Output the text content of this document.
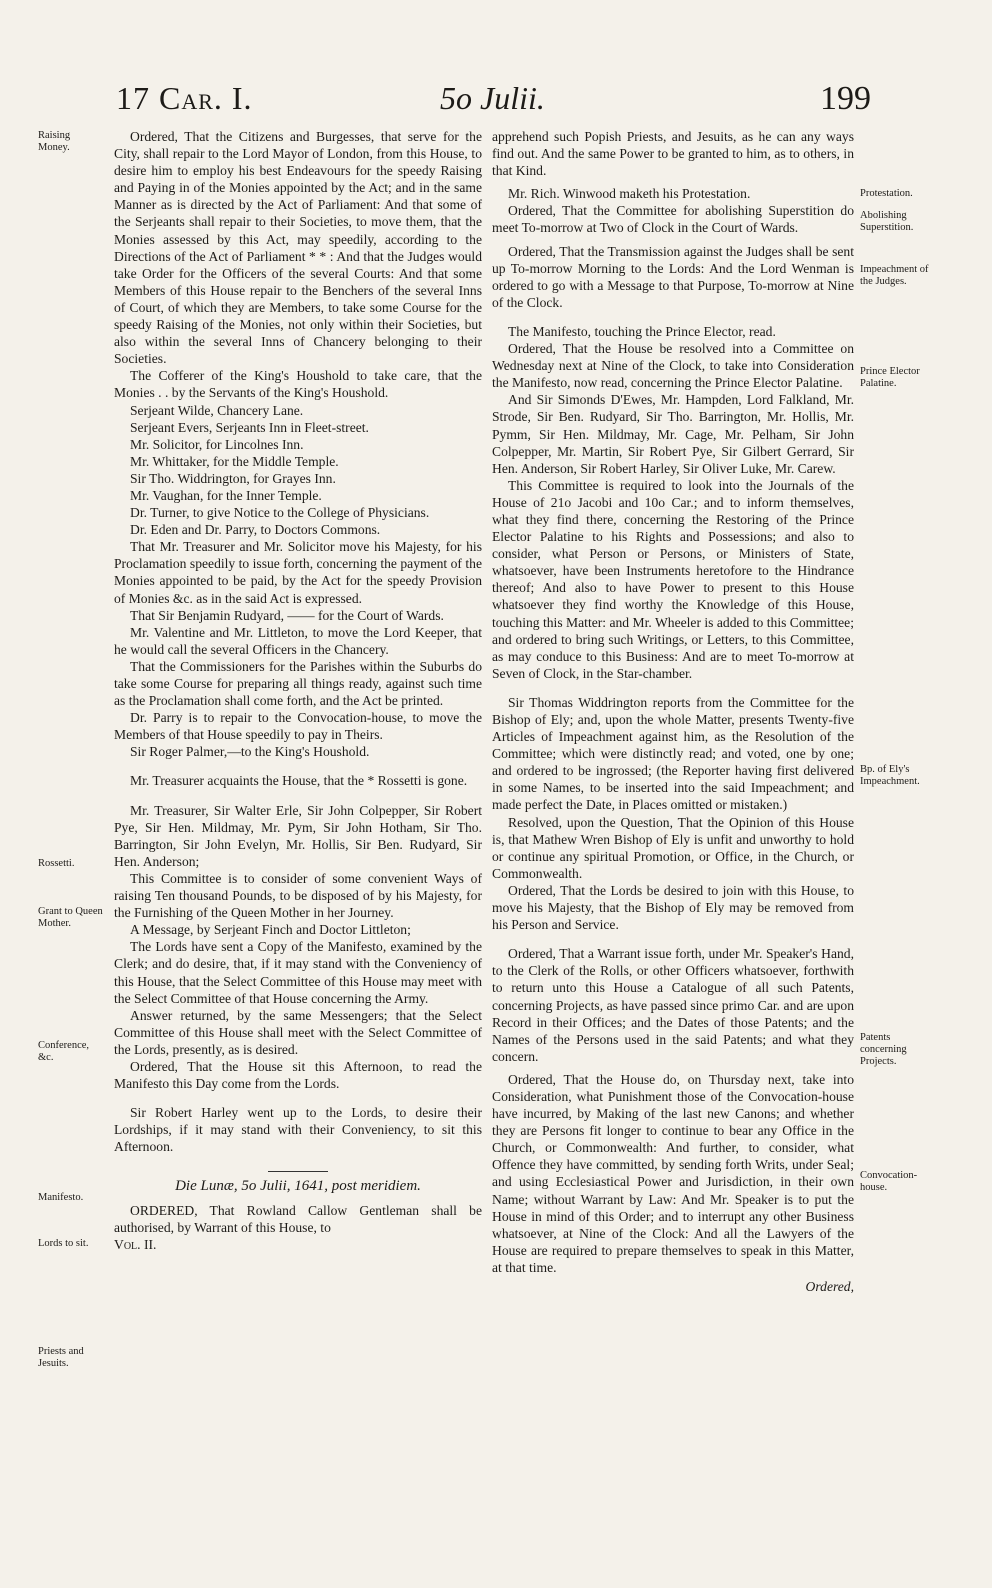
17 Car. I.	5o Julii.	199
Raising Money.
Rossetti.
Grant to Queen Mother.
Conference, &c.
Manifesto.
Lords to sit.
Priests and Jesuits.
Protestation.
Abolishing Superstition.
Impeachment of the Judges.
Prince Elector Palatine.
Bp. of Ely's Impeachment.
Patents concerning Projects.
Convocation-house.

Ordered, That the Citizens and Burgesses, that serve for the City, shall repair to the Lord Mayor of London, from this House, to desire him to employ his best Endeavours for the speedy Raising and Paying in of the Monies appointed by the Act; and in the same Manner as is directed by the Act of Parliament: And that some of the Serjeants shall repair to their Societies, to move them, that the Monies assessed by this Act, may speedily, according to the Directions of the Act of Parliament * * : And that the Judges would take Order for the Officers of the several Courts: And that some Members of this House repair to the Benchers of the several Inns of Court, of which they are Members, to take some Course for the speedy Raising of the Monies, not only within their Societies, but also within the several Inns of Chancery belonging to their Societies.

The Cofferer of the King's Houshold to take care, that the Monies . . by the Servants of the King's Houshold.

Serjeant Wilde, Chancery Lane.

Serjeant Evers, Serjeants Inn in Fleet-street.

Mr. Solicitor, for Lincolnes Inn.

Mr. Whittaker, for the Middle Temple.

Sir Tho. Widdrington, for Grayes Inn.

Mr. Vaughan, for the Inner Temple.

Dr. Turner, to give Notice to the College of Physicians.

Dr. Eden and Dr. Parry, to Doctors Commons.

That Mr. Treasurer and Mr. Solicitor move his Majesty, for his Proclamation speedily to issue forth, concerning the payment of the Monies appointed to be paid, by the Act for the speedy Provision of Monies &c. as in the said Act is expressed.

That Sir Benjamin Rudyard, —— for the Court of Wards.

Mr. Valentine and Mr. Littleton, to move the Lord Keeper, that he would call the several Officers in the Chancery.

That the Commissioners for the Parishes within the Suburbs do take some Course for preparing all things ready, against such time as the Proclamation shall come forth, and the Act be printed.

Dr. Parry is to repair to the Convocation-house, to move the Members of that House speedily to pay in Theirs.

Sir Roger Palmer,—to the King's Houshold.

Mr. Treasurer acquaints the House, that the * Rossetti is gone.

Mr. Treasurer, Sir Walter Erle, Sir John Colpepper, Sir Robert Pye, Sir Hen. Mildmay, Mr. Pym, Sir John Hotham, Sir Tho. Barrington, Sir John Evelyn, Mr. Hollis, Sir Ben. Rudyard, Sir Hen. Anderson;

This Committee is to consider of some convenient Ways of raising Ten thousand Pounds, to be disposed of by his Majesty, for the Furnishing of the Queen Mother in her Journey.

A Message, by Serjeant Finch and Doctor Littleton;

The Lords have sent a Copy of the Manifesto, examined by the Clerk; and do desire, that, if it may stand with the Conveniency of this House, that the Select Committee of this House may meet with the Select Committee of that House concerning the Army.

Answer returned, by the same Messengers; that the Select Committee of this House shall meet with the Select Committee of the Lords, presently, as is desired.

Ordered, That the House sit this Afternoon, to read the Manifesto this Day come from the Lords.

Sir Robert Harley went up to the Lords, to desire their Lordships, if it may stand with their Conveniency, to sit this Afternoon.

Die Lunæ, 5o Julii, 1641, post meridiem.

ORDERED, That Rowland Callow Gentleman shall be authorised, by Warrant of this House, to

Vol. II.

apprehend such Popish Priests, and Jesuits, as he can any ways find out. And the same Power to be granted to him, as to others, in that Kind.

Mr. Rich. Winwood maketh his Protestation.

Ordered, That the Committee for abolishing Superstition do meet To-morrow at Two of Clock in the Court of Wards.

Ordered, That the Transmission against the Judges shall be sent up To-morrow Morning to the Lords: And the Lord Wenman is ordered to go with a Message to that Purpose, To-morrow at Nine of the Clock.

The Manifesto, touching the Prince Elector, read.

Ordered, That the House be resolved into a Committee on Wednesday next at Nine of the Clock, to take into Consideration the Manifesto, now read, concerning the Prince Elector Palatine.

And Sir Simonds D'Ewes, Mr. Hampden, Lord Falkland, Mr. Strode, Sir Ben. Rudyard, Sir Tho. Barrington, Mr. Hollis, Mr. Pymm, Sir Hen. Mildmay, Mr. Cage, Mr. Pelham, Sir John Colpepper, Mr. Martin, Sir Robert Pye, Sir Gilbert Gerrard, Sir Hen. Anderson, Sir Robert Harley, Sir Oliver Luke, Mr. Carew.

This Committee is required to look into the Journals of the House of 21o Jacobi and 10o Car.; and to inform themselves, what they find there, concerning the Restoring of the Prince Elector Palatine to his Rights and Possessions; and also to consider, what Person or Persons, or Ministers of State, whatsoever, have been Instruments heretofore to the Hindrance thereof; And also to have Power to present to this House whatsoever they find worthy the Knowledge of this House, touching this Matter: and Mr. Wheeler is added to this Committee; and ordered to bring such Writings, or Letters, to this Committee, as may conduce to this Business: And are to meet To-morrow at Seven of Clock, in the Star-chamber.

Sir Thomas Widdrington reports from the Committee for the Bishop of Ely; and, upon the whole Matter, presents Twenty-five Articles of Impeachment against him, as the Resolution of the Committee; which were distinctly read; and voted, one by one; and ordered to be ingrossed; (the Reporter having first delivered in some Names, to be inserted into the said Impeachment; and made perfect the Date, in Places omitted or mistaken.)

Resolved, upon the Question, That the Opinion of this House is, that Mathew Wren Bishop of Ely is unfit and unworthy to hold or continue any spiritual Promotion, or Office, in the Church, or Commonwealth.

Ordered, That the Lords be desired to join with this House, to move his Majesty, that the Bishop of Ely may be removed from his Person and Service.

Ordered, That a Warrant issue forth, under Mr. Speaker's Hand, to the Clerk of the Rolls, or other Officers whatsoever, forthwith to return unto this House a Catalogue of all such Patents, concerning Projects, as have passed since primo Car. and are upon Record in their Offices; and the Dates of those Patents; and the Names of the Persons used in the said Patents; and what they concern.

Ordered, That the House do, on Thursday next, take into Consideration, what Punishment those of the Convocation-house have incurred, by Making of the last new Canons; and whether they are Persons fit longer to continue to bear any Office in the Church, or Commonwealth: And further, to consider, what Offence they have committed, by sending forth Writs, under Seal; and using Ecclesiastical Power and Jurisdiction, in their own Name; without Warrant by Law: And Mr. Speaker is to put the House in mind of this Order; and to interrupt any other Business whatsoever, at Nine of the Clock: And all the Lawyers of the House are required to prepare themselves to speak in this Matter, at that time.

Ordered,
